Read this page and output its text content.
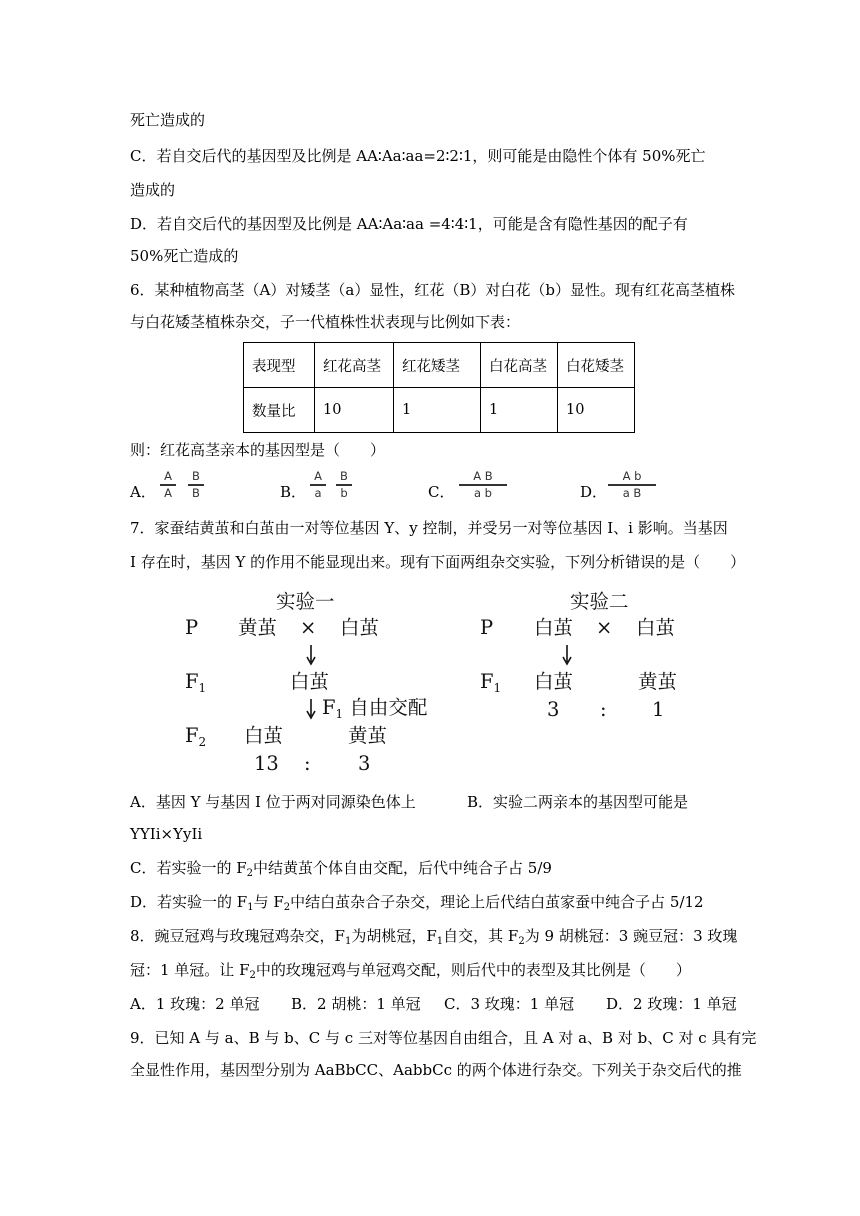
死亡造成的
C．若自交后代的基因型及比例是 AA∶Aa∶aa=2∶2∶1，则可能是由隐性个体有 50%死亡
造成的
D．若自交后代的基因型及比例是 AA∶Aa∶aa =4∶4∶1，可能是含有隐性基因的配子有
50%死亡造成的
6．某种植物高茎（A）对矮茎（a）显性，红花（B）对白花（b）显性。现有红花高茎植株
与白花矮茎植株杂交，子一代植株性状表现与比例如下表：
表现型	红花高茎	红花矮茎	白花高茎	白花矮茎
数量比	10	1	1	10
则：红花高茎亲本的基因型是（　　）
A．
A
A
B
B	B．
A
a
B
b	C．
A B
a b	D．
A b
a B
7．家蚕结黄茧和白茧由一对等位基因 Y、y 控制，并受另一对等位基因 I、i 影响。当基因
I 存在时，基因 Y 的作用不能显现出来。现有下面两组杂交实验，下列分析错误的是（　　）
实验一	实验二
P 黄茧 × 白茧	P 白茧 × 白茧
$F_1$	白茧	$F_1$ 白茧	黄茧
3 : 1
$F_1$ 自由交配
$F_2$ 白茧	黄茧
13 : 3
A．基因 Y 与基因 I 位于两对同源染色体上	B．实验二两亲本的基因型可能是
YYIi×YyIi
C．若实验一的 $F_2$中结黄茧个体自由交配，后代中纯合子占 5/9
D．若实验一的 $F_1$与 $F_2$中结白茧杂合子杂交，理论上后代结白茧家蚕中纯合子占 5/12
8．豌豆冠鸡与玫瑰冠鸡杂交，$F_1$为胡桃冠，$F_1$自交，其 $F_2$为 9 胡桃冠：3 豌豆冠：3 玫瑰
冠：1 单冠。让 $F_2$中的玫瑰冠鸡与单冠鸡交配，则后代中的表型及其比例是（　　）
A．1 玫瑰：2 单冠 B．2 胡桃：1 单冠 C．3 玫瑰：1 单冠 D．2 玫瑰：1 单冠
9．已知 A 与 a、B 与 b、C 与 c 三对等位基因自由组合，且 A 对 a、B 对 b、C 对 c 具有完
全显性作用，基因型分别为 AaBbCC、AabbCc 的两个体进行杂交。下列关于杂交后代的推
